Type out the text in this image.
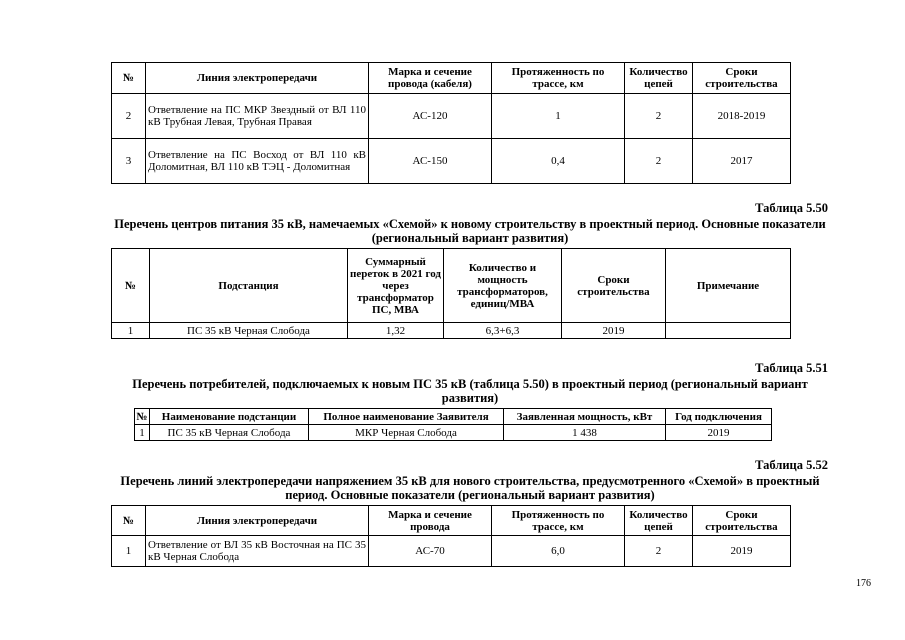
№	Линия электропередачи	Марка и сечение провода (кабеля)	Протяженность по трассе, км	Количество цепей	Сроки строительства
2	Ответвление на ПС МКР Звездный от ВЛ 110 кВ Трубная Левая, Трубная Правая	АС-120	1	2	2018-2019
3	Ответвление на ПС Восход от ВЛ 110 кВ Доломитная, ВЛ 110 кВ ТЭЦ - Доломитная	АС-150	0,4	2	2017
Таблица 5.50
Перечень центров питания 35 кВ, намечаемых «Схемой» к новому строительству в проектный период. Основные показатели (региональный вариант развития)
№	Подстанция	Суммарный переток в 2021 год через трансформатор ПС, МВА	Количество и мощность трансформаторов, единиц/МВА	Сроки строительства	Примечание
1	ПС 35 кВ Черная Слобода	1,32	6,3+6,3	2019	
Таблица 5.51
Перечень потребителей, подключаемых к новым ПС 35 кВ (таблица 5.50) в проектный период (региональный вариант развития)
№	Наименование подстанции	Полное наименование Заявителя	Заявленная мощность, кВт	Год подключения
1	ПС 35 кВ Черная Слобода	МКР Черная Слобода	1 438	2019
Таблица 5.52
Перечень линий электропередачи напряжением 35 кВ для нового строительства, предусмотренного «Схемой» в проектный период. Основные показатели (региональный вариант развития)
№	Линия электропередачи	Марка и сечение провода	Протяженность по трассе, км	Количество цепей	Сроки строительства
1	Ответвление от ВЛ 35 кВ Восточная на ПС 35 кВ Черная Слобода	АС-70	6,0	2	2019
176
